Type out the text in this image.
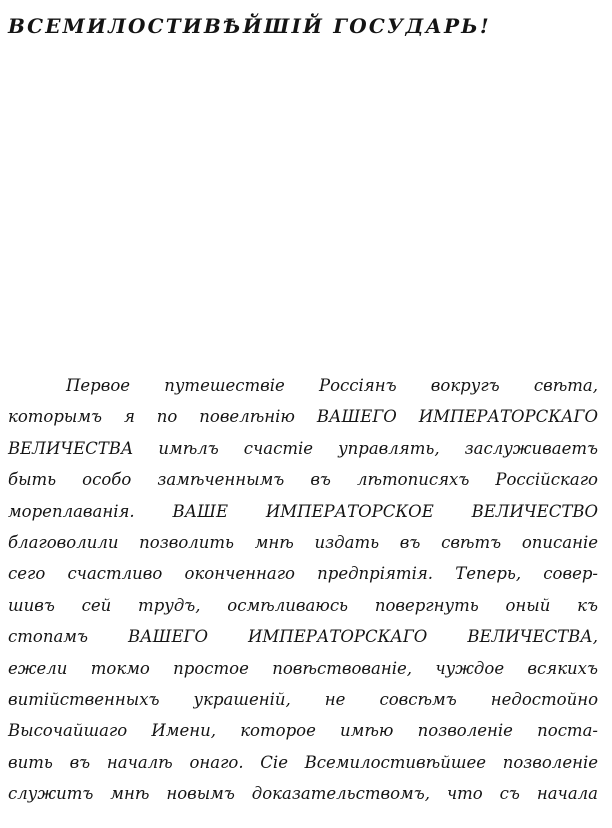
ВСЕМИЛОСТИВѢЙШIЙ ГОСУДАРЬ!
Первое путешествіе Россіянъ вокругъ свѣта,
которымъ я по повелѣнію ВАШЕГО ИМПЕРАТОРСКАГО
ВЕЛИЧЕСТВА имѣлъ счастіе управлять, заслуживаетъ
быть особо замѣченнымъ въ лѣтописяхъ Россійскаго
мореплаванія. ВАШЕ ИМПЕРАТОРСКОЕ ВЕЛИЧЕСТВО
благоволили позволить мнѣ издать въ свѣтъ описаніе
сего счастливо оконченнаго предпріятія. Теперь, совер-
шивъ сей трудъ, осмѣливаюсь повергнуть оный къ
стопамъ ВАШЕГО ИМПЕРАТОРСКАГО ВЕЛИЧЕСТВА,
ежели токмо простое повѣствованіе, чуждое всякихъ
витійственныхъ украшеній, не совсѣмъ недостойно
Высочайшаго Имени, которое имѣю позволеніе поста-
вить въ началѣ онаго. Сіе Всемилостивѣйшее позволеніе
служитъ мнѣ новымъ доказательствомъ, что съ начала
